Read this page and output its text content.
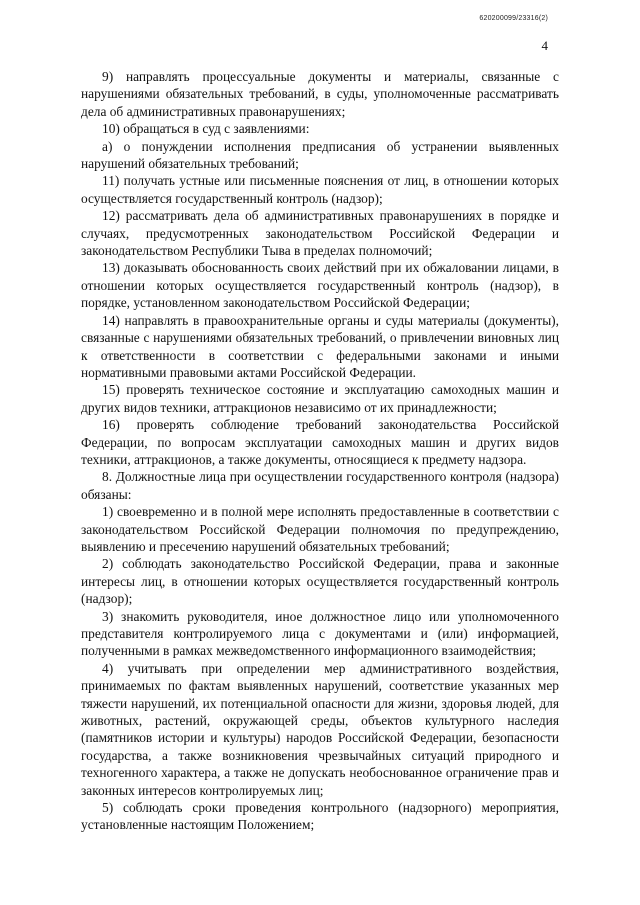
620200099/23316(2)
4

9) направлять процессуальные документы и материалы, связанные с нарушениями обязательных требований, в суды, уполномоченные рассматривать дела об административных правонарушениях;

10) обращаться в суд с заявлениями:

а) о понуждении исполнения предписания об устранении выявленных нарушений обязательных требований;

11) получать устные или письменные пояснения от лиц, в отношении которых осуществляется государственный контроль (надзор);

12) рассматривать дела об административных правонарушениях в порядке и случаях, предусмотренных законодательством Российской Федерации и законодательством Республики Тыва в пределах полномочий;

13) доказывать обоснованность своих действий при их обжаловании лицами, в отношении которых осуществляется государственный контроль (надзор), в порядке, установленном законодательством Российской Федерации;

14) направлять в правоохранительные органы и суды материалы (документы), связанные с нарушениями обязательных требований, о привлечении виновных лиц к ответственности в соответствии с федеральными законами и иными нормативными правовыми актами Российской Федерации.

15) проверять техническое состояние и эксплуатацию самоходных машин и других видов техники, аттракционов независимо от их принадлежности;

16) проверять соблюдение требований законодательства Российской Федерации, по вопросам эксплуатации самоходных машин и других видов техники, аттракционов, а также документы, относящиеся к предмету надзора.

8. Должностные лица при осуществлении государственного контроля (надзора) обязаны:

1) своевременно и в полной мере исполнять предоставленные в соответствии с законодательством Российской Федерации полномочия по предупреждению, выявлению и пресечению нарушений обязательных требований;

2) соблюдать законодательство Российской Федерации, права и законные интересы лиц, в отношении которых осуществляется государственный контроль (надзор);

3) знакомить руководителя, иное должностное лицо или уполномоченного представителя контролируемого лица с документами и (или) информацией, полученными в рамках межведомственного информационного взаимодействия;

4) учитывать при определении мер административного воздействия, принимаемых по фактам выявленных нарушений, соответствие указанных мер тяжести нарушений, их потенциальной опасности для жизни, здоровья людей, для животных, растений, окружающей среды, объектов культурного наследия (памятников истории и культуры) народов Российской Федерации, безопасности государства, а также возникновения чрезвычайных ситуаций природного и техногенного характера, а также не допускать необоснованное ограничение прав и законных интересов контролируемых лиц;

5) соблюдать сроки проведения контрольного (надзорного) мероприятия, установленные настоящим Положением;
